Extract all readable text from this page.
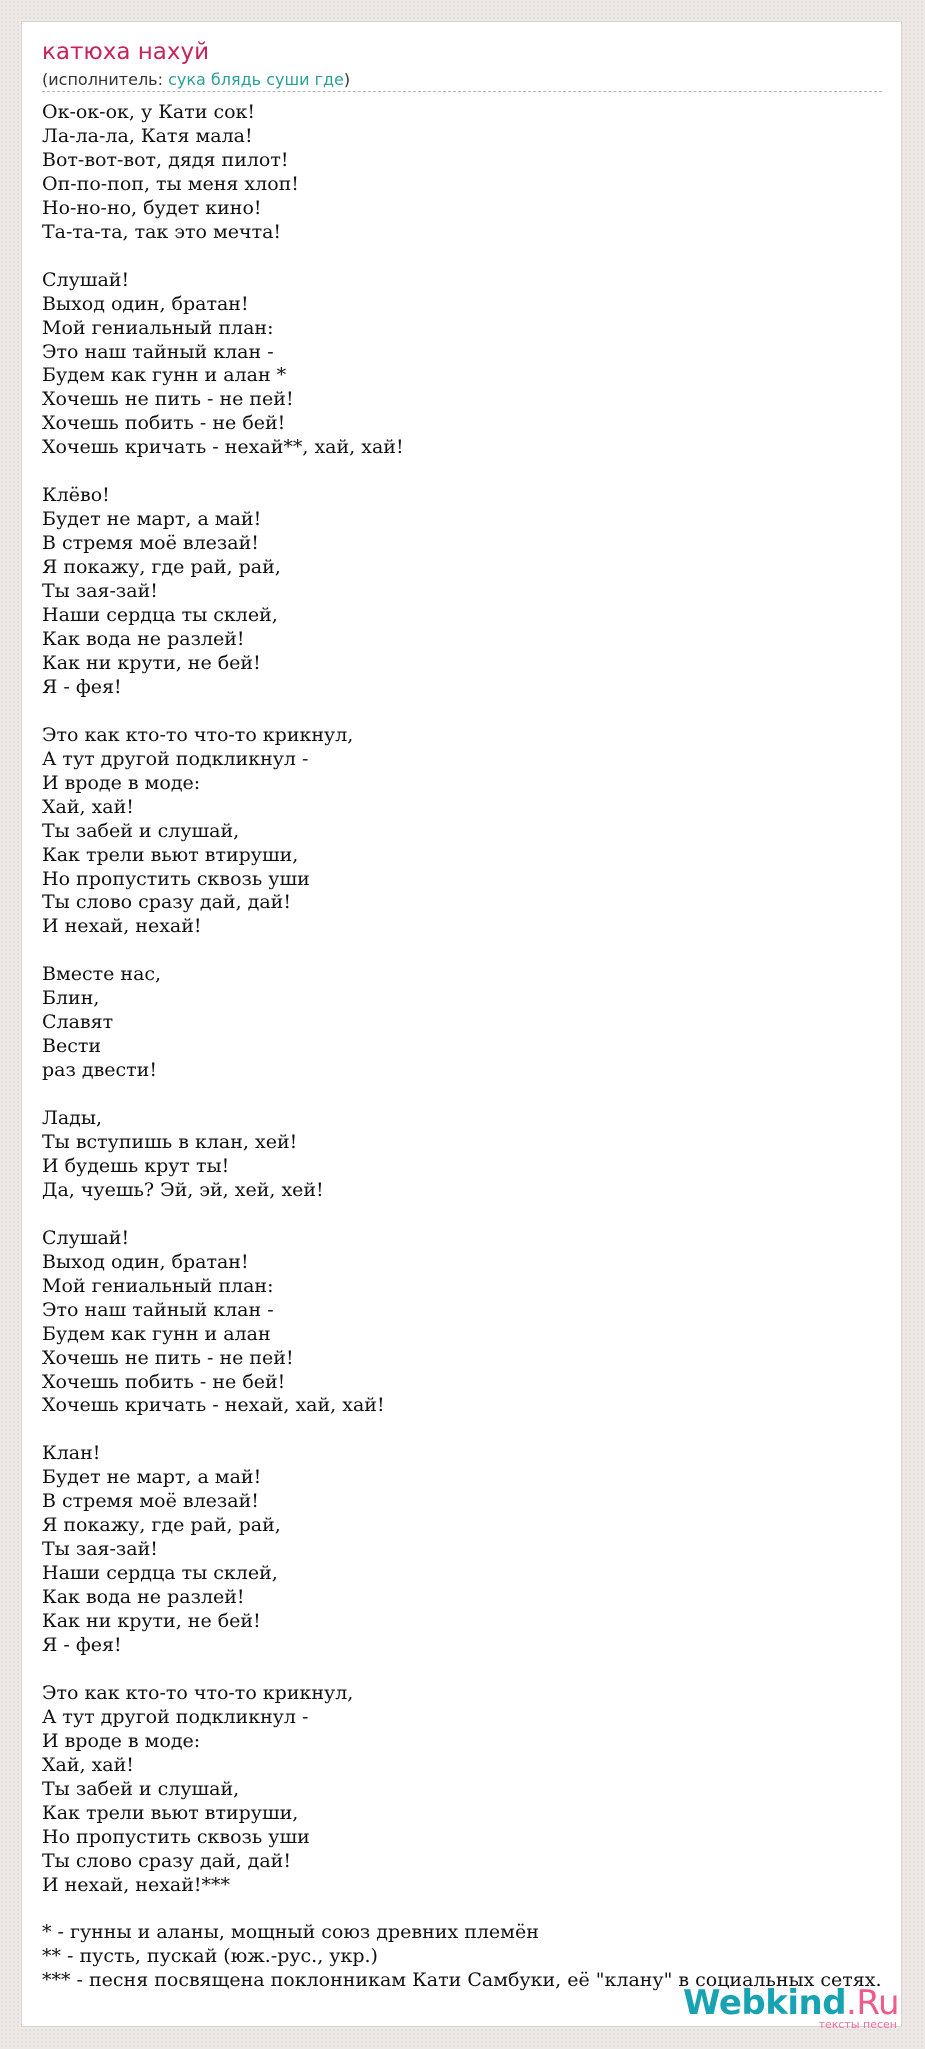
катюха нахуй
(исполнитель: сука блядь суши где)
Ок-ок-ок, у Кати сок!
Ла-ла-ла, Катя мала!
Вот-вот-вот, дядя пилот!
Оп-по-поп, ты меня хлоп!
Но-но-но, будет кино!
Та-та-та, так это мечта!
Слушай!
Выход один, братан!
Мой гениальный план:
Это наш тайный клан -
Будем как гунн и алан *
Хочешь не пить - не пей!
Хочешь побить - не бей!
Хочешь кричать - нехай**, хай, хай!
Клёво!
Будет не март, а май!
В стремя моё влезай!
Я покажу, где рай, рай,
Ты зая-зай!
Наши сердца ты склей,
Как вода не разлей!
Как ни крути, не бей!
Я - фея!
Это как кто-то что-то крикнул,
А тут другой подкликнул -
И вроде в моде:
Хай, хай!
Ты забей и слушай,
Как трели вьют втируши,
Но пропустить сквозь уши
Ты слово сразу дай, дай!
И нехай, нехай!
Вместе нас,
Блин,
Славят
Вести
раз двести!
Лады,
Ты вступишь в клан, хей!
И будешь крут ты!
Да, чуешь? Эй, эй, хей, хей!
Слушай!
Выход один, братан!
Мой гениальный план:
Это наш тайный клан -
Будем как гунн и алан
Хочешь не пить - не пей!
Хочешь побить - не бей!
Хочешь кричать - нехай, хай, хай!
Клан!
Будет не март, а май!
В стремя моё влезай!
Я покажу, где рай, рай,
Ты зая-зай!
Наши сердца ты склей,
Как вода не разлей!
Как ни крути, не бей!
Я - фея!
Это как кто-то что-то крикнул,
А тут другой подкликнул -
И вроде в моде:
Хай, хай!
Ты забей и слушай,
Как трели вьют втируши,
Но пропустить сквозь уши
Ты слово сразу дай, дай!
И нехай, нехай!***
* - гунны и аланы, мощный союз древних племён
** - пусть, пускай (юж.-рус., укр.)
*** - песня посвящена поклонникам Кати Самбуки, её "клану" в социальных сетях.
Webkind.Ru
тексты песен
